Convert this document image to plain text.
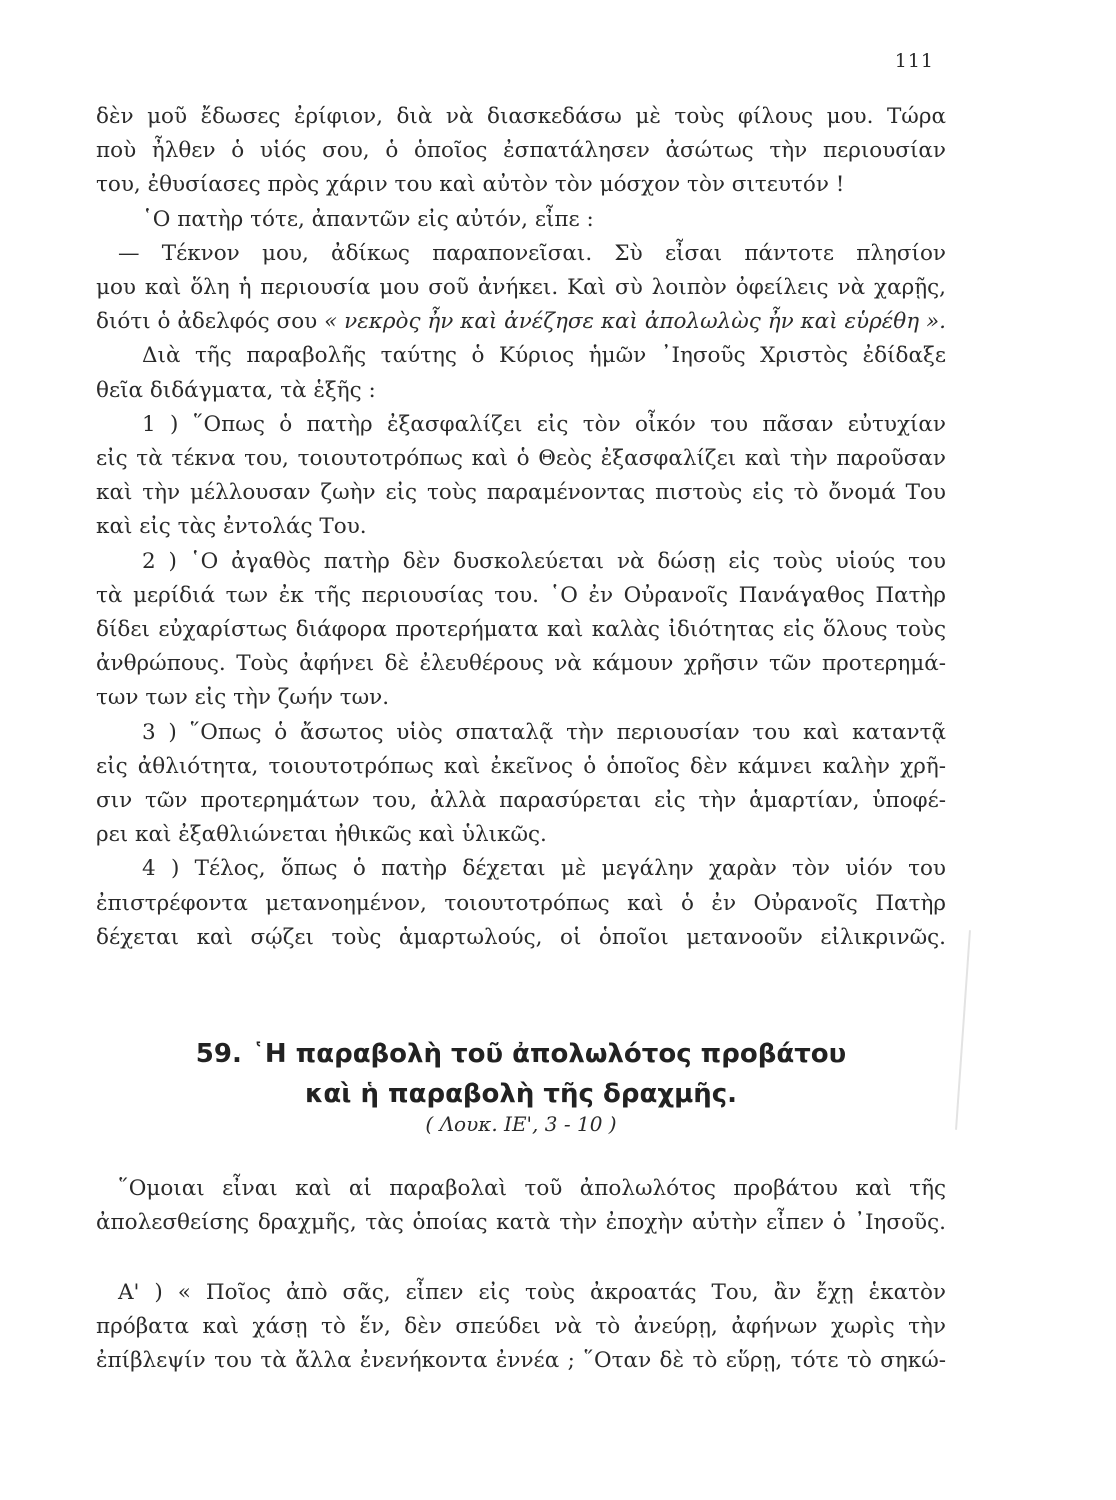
111
δὲν μοῦ ἔδωσες ἐρίφιον, διὰ νὰ διασκεδάσω μὲ τοὺς φίλους μου. Τώρα
ποὺ ἦλθεν ὁ υἱός σου, ὁ ὁποῖος ἐσπατάλησεν ἀσώτως τὴν περιουσίαν
του, ἐθυσίασες πρὸς χάριν του καὶ αὐτὸν τὸν μόσχον τὸν σιτευτόν !
῾Ο πατὴρ τότε, ἀπαντῶν εἰς αὐτόν, εἶπε :
— Τέκνον μου, ἀδίκως παραπονεῖσαι. Σὺ εἶσαι πάντοτε πλησίον
μου καὶ ὅλη ἡ περιουσία μου σοῦ ἀνήκει. Καὶ σὺ λοιπὸν ὀφείλεις νὰ χαρῇς,
διότι ὁ ἀδελφός σου « νεκρὸς ἦν καὶ ἀνέζησε καὶ ἀπολωλὼς ἦν καὶ εὑρέθη ».
Διὰ τῆς παραβολῆς ταύτης ὁ Κύριος ἡμῶν ᾿Ιησοῦς Χριστὸς ἐδίδαξε
θεῖα διδάγματα, τὰ ἑξῆς :
1 ) ῞Οπως ὁ πατὴρ ἐξασφαλίζει εἰς τὸν οἶκόν του πᾶσαν εὐτυχίαν
εἰς τὰ τέκνα του, τοιουτοτρόπως καὶ ὁ Θεὸς ἐξασφαλίζει καὶ τὴν παροῦσαν
καὶ τὴν μέλλουσαν ζωὴν εἰς τοὺς παραμένοντας πιστοὺς εἰς τὸ ὄνομά Του
καὶ εἰς τὰς ἐντολάς Του.
2 ) ῾Ο ἀγαθὸς πατὴρ δὲν δυσκολεύεται νὰ δώσῃ εἰς τοὺς υἱούς του
τὰ μερίδιά των ἐκ τῆς περιουσίας του. ῾Ο ἐν Οὐρανοῖς Πανάγαθος Πατὴρ
δίδει εὐχαρίστως διάφορα προτερήματα καὶ καλὰς ἰδιότητας εἰς ὅλους τοὺς
ἀνθρώπους. Τοὺς ἀφήνει δὲ ἐλευθέρους νὰ κάμουν χρῆσιν τῶν προτερημά-
των των εἰς τὴν ζωήν των.
3 ) ῞Οπως ὁ ἄσωτος υἱὸς σπαταλᾷ τὴν περιουσίαν του καὶ καταντᾷ
εἰς ἀθλιότητα, τοιουτοτρόπως καὶ ἐκεῖνος ὁ ὁποῖος δὲν κάμνει καλὴν χρῆ-
σιν τῶν προτερημάτων του, ἀλλὰ παρασύρεται εἰς τὴν ἁμαρτίαν, ὑποφέ-
ρει καὶ ἐξαθλιώνεται ἠθικῶς καὶ ὑλικῶς.
4 ) Τέλος, ὅπως ὁ πατὴρ δέχεται μὲ μεγάλην χαρὰν τὸν υἱόν του
ἐπιστρέφοντα μετανοημένον, τοιουτοτρόπως καὶ ὁ ἐν Οὐρανοῖς Πατὴρ
δέχεται καὶ σῴζει τοὺς ἁμαρτωλούς, οἱ ὁποῖοι μετανοοῦν εἰλικρινῶς.
59. ῾Η παραβολὴ τοῦ ἀπολωλότος προβάτου
καὶ ἡ παραβολὴ τῆς δραχμῆς.
( Λουκ. ΙΕ', 3 - 10 )
῞Ομοιαι εἶναι καὶ αἱ παραβολαὶ τοῦ ἀπολωλότος προβάτου καὶ τῆς
ἀπολεσθείσης δραχμῆς, τὰς ὁποίας κατὰ τὴν ἐποχὴν αὐτὴν εἶπεν ὁ ᾿Ιησοῦς.
Α' ) « Ποῖος ἀπὸ σᾶς, εἶπεν εἰς τοὺς ἀκροατάς Του, ἂν ἔχῃ ἑκατὸν
πρόβατα καὶ χάσῃ τὸ ἕν, δὲν σπεύδει νὰ τὸ ἀνεύρῃ, ἀφήνων χωρὶς τὴν
ἐπίβλεψίν του τὰ ἄλλα ἐνενήκοντα ἐννέα ; ῞Οταν δὲ τὸ εὕρῃ, τότε τὸ σηκώ-
